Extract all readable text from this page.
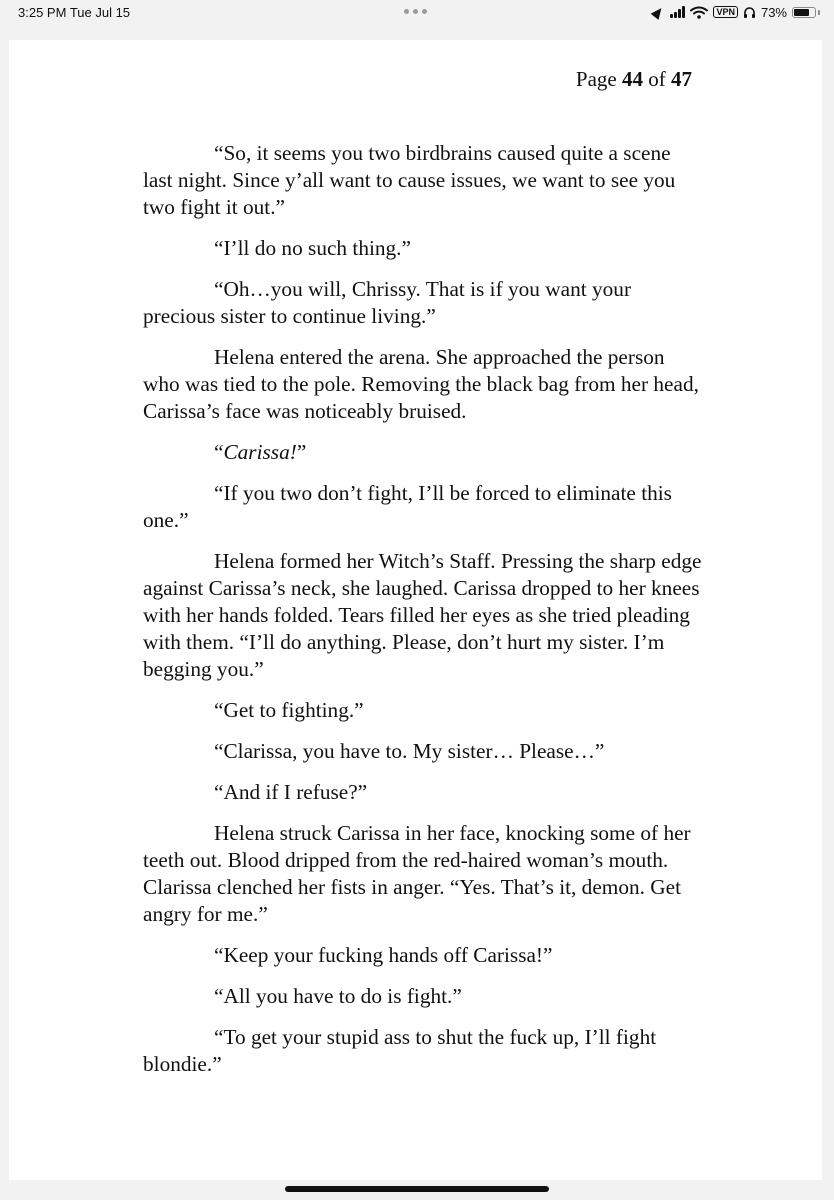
3:25 PM Tue Jul 15	VPN 73%
Page 44 of 47

“So, it seems you two birdbrains caused quite a scene last night. Since y’all want to cause issues, we want to see you two fight it out.”

“I’ll do no such thing.”

“Oh…you will, Chrissy. That is if you want your precious sister to continue living.”

Helena entered the arena. She approached the person who was tied to the pole. Removing the black bag from her head, Carissa’s face was noticeably bruised.

“Carissa!”

“If you two don’t fight, I’ll be forced to eliminate this one.”

Helena formed her Witch’s Staff. Pressing the sharp edge against Carissa’s neck, she laughed. Carissa dropped to her knees with her hands folded. Tears filled her eyes as she tried pleading with them. “I’ll do anything. Please, don’t hurt my sister. I’m begging you.”

“Get to fighting.”

“Clarissa, you have to. My sister… Please…”

“And if I refuse?”

Helena struck Carissa in her face, knocking some of her teeth out. Blood dripped from the red-haired woman’s mouth. Clarissa clenched her fists in anger. “Yes. That’s it, demon. Get angry for me.”

“Keep your fucking hands off Carissa!”

“All you have to do is fight.”

“To get your stupid ass to shut the fuck up, I’ll fight blondie.”
